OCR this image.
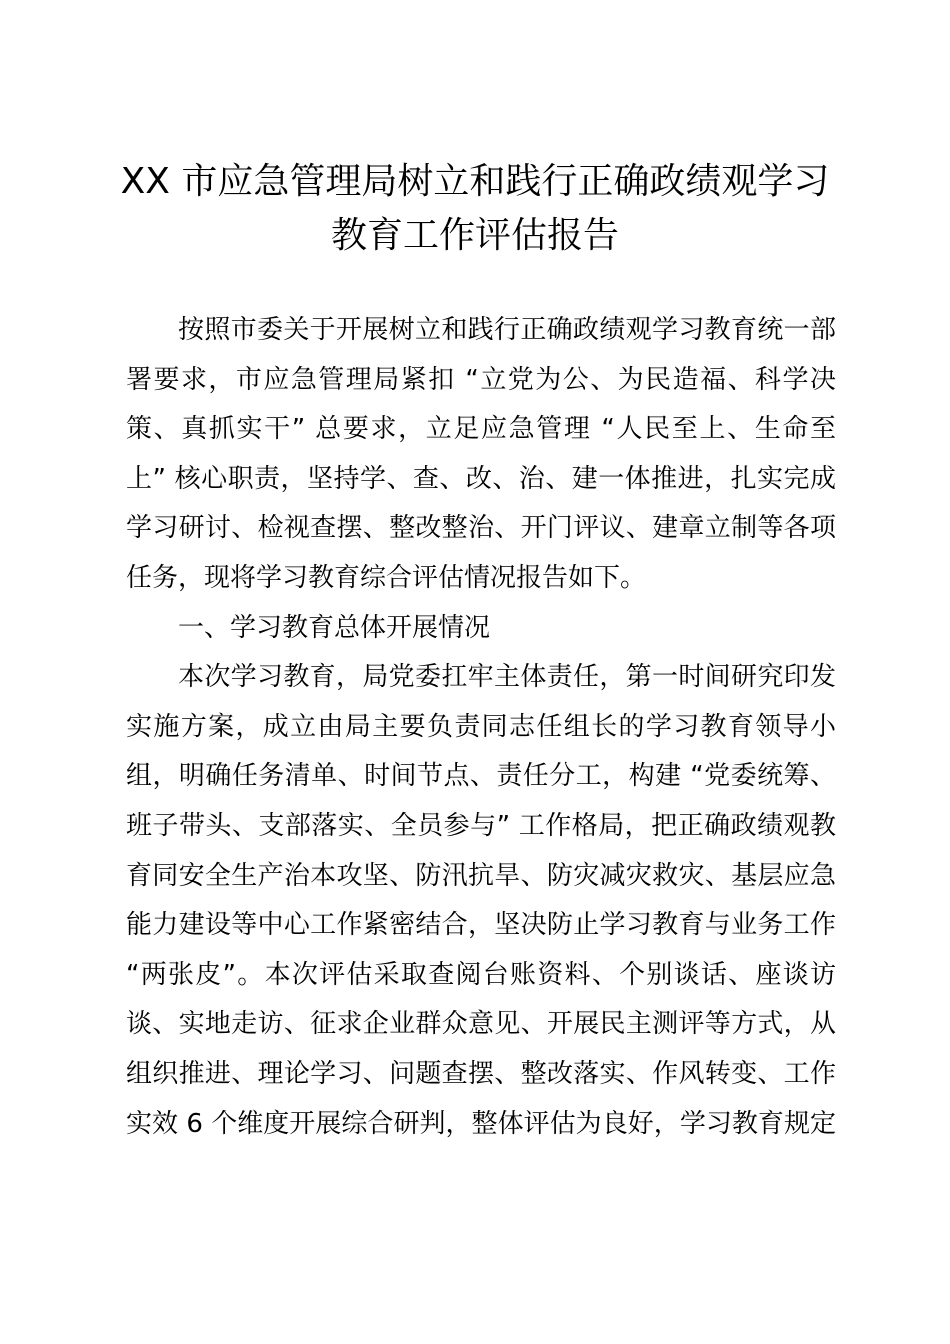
XX 市应急管理局树立和践行正确政绩观学习
教育工作评估报告
按照市委关于开展树立和践行正确政绩观学习教育统一部
署要求，市应急管理局紧扣 “立党为公、为民造福、科学决
策、真抓实干” 总要求，立足应急管理 “人民至上、生命至
上” 核心职责，坚持学、查、改、治、建一体推进，扎实完成
学习研讨、检视查摆、整改整治、开门评议、建章立制等各项
任务，现将学习教育综合评估情况报告如下。
一、学习教育总体开展情况
本次学习教育，局党委扛牢主体责任，第一时间研究印发
实施方案，成立由局主要负责同志任组长的学习教育领导小
组，明确任务清单、时间节点、责任分工，构建 “党委统筹、
班子带头、支部落实、全员参与” 工作格局，把正确政绩观教
育同安全生产治本攻坚、防汛抗旱、防灾减灾救灾、基层应急
能力建设等中心工作紧密结合，坚决防止学习教育与业务工作
“两张皮”。本次评估采取查阅台账资料、个别谈话、座谈访
谈、实地走访、征求企业群众意见、开展民主测评等方式，从
组织推进、理论学习、问题查摆、整改落实、作风转变、工作
实效 6 个维度开展综合研判，整体评估为良好，学习教育规定
